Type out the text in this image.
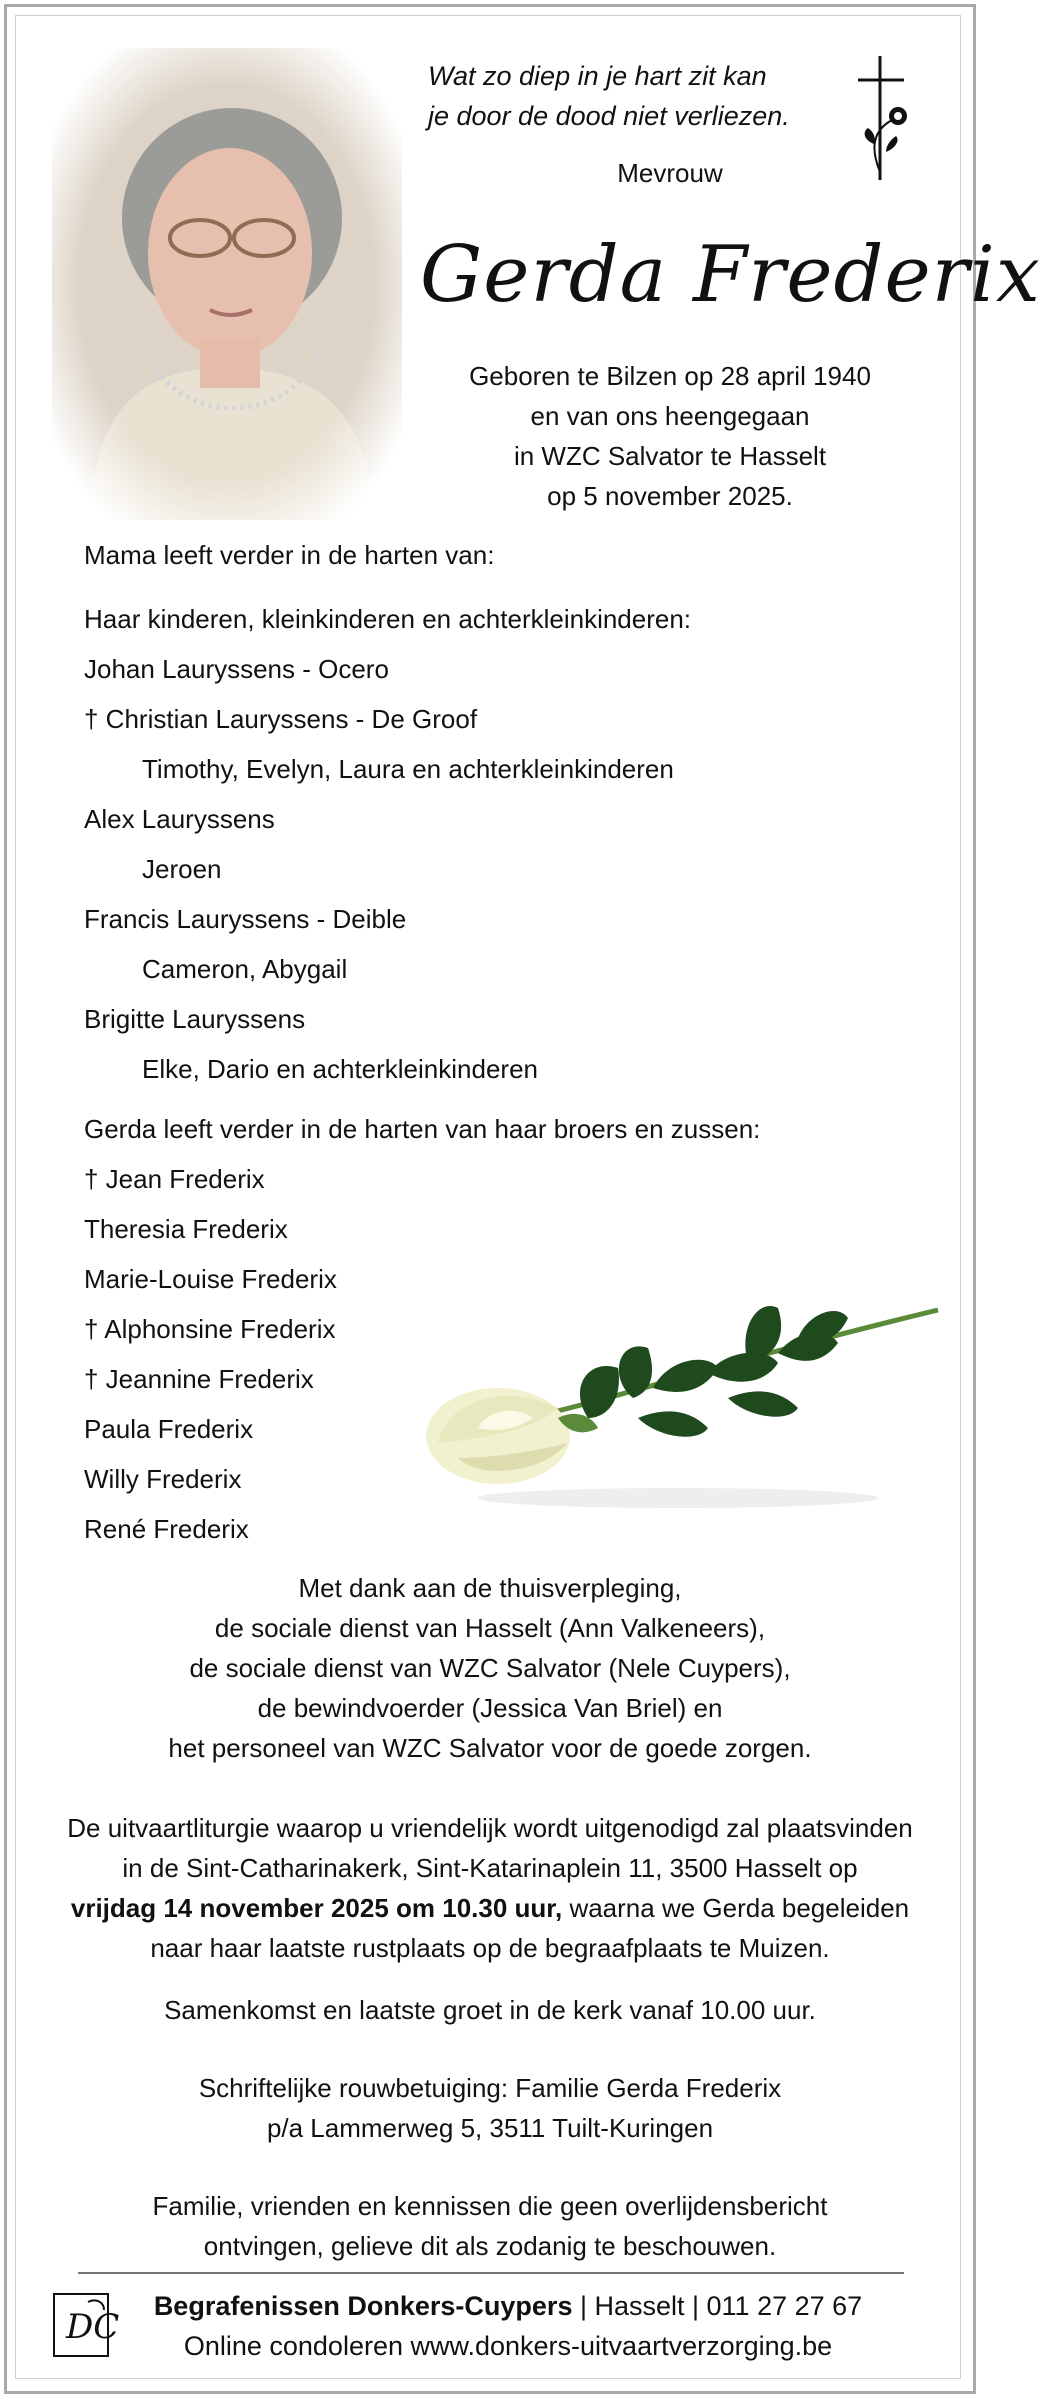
Wat zo diep in je hart zit kan
je door de dood niet verliezen.
Mevrouw
Gerda Frederix
Geboren te Bilzen op 28 april 1940
en van ons heengegaan
in WZC Salvator te Hasselt
op 5 november 2025.
Mama leeft verder in de harten van:
Haar kinderen, kleinkinderen en achterkleinkinderen:
Johan Lauryssens - Ocero
† Christian Lauryssens - De Groof
Timothy, Evelyn, Laura en achterkleinkinderen
Alex Lauryssens
Jeroen
Francis Lauryssens - Deible
Cameron, Abygail
Brigitte Lauryssens
Elke, Dario en achterkleinkinderen
Gerda leeft verder in de harten van haar broers en zussen:
† Jean Frederix
Theresia Frederix
Marie-Louise Frederix
† Alphonsine Frederix
† Jeannine Frederix
Paula Frederix
Willy Frederix
René Frederix
Met dank aan de thuisverpleging,
de sociale dienst van Hasselt (Ann Valkeneers),
de sociale dienst van WZC Salvator (Nele Cuypers),
de bewindvoerder (Jessica Van Briel) en
het personeel van WZC Salvator voor de goede zorgen.
De uitvaartliturgie waarop u vriendelijk wordt uitgenodigd zal plaatsvinden
in de Sint-Catharinakerk, Sint-Katarinaplein 11, 3500 Hasselt op
vrijdag 14 november 2025 om 10.30 uur, waarna we Gerda begeleiden
naar haar laatste rustplaats op de begraafplaats te Muizen.
Samenkomst en laatste groet in de kerk vanaf 10.00 uur.
Schriftelijke rouwbetuiging: Familie Gerda Frederix
p/a Lammerweg 5, 3511 Tuilt-Kuringen
Familie, vrienden en kennissen die geen overlijdensbericht
ontvingen, gelieve dit als zodanig te beschouwen.
DC
Begrafenissen Donkers-Cuypers | Hasselt | 011 27 27 67
Online condoleren www.donkers-uitvaartverzorging.be
